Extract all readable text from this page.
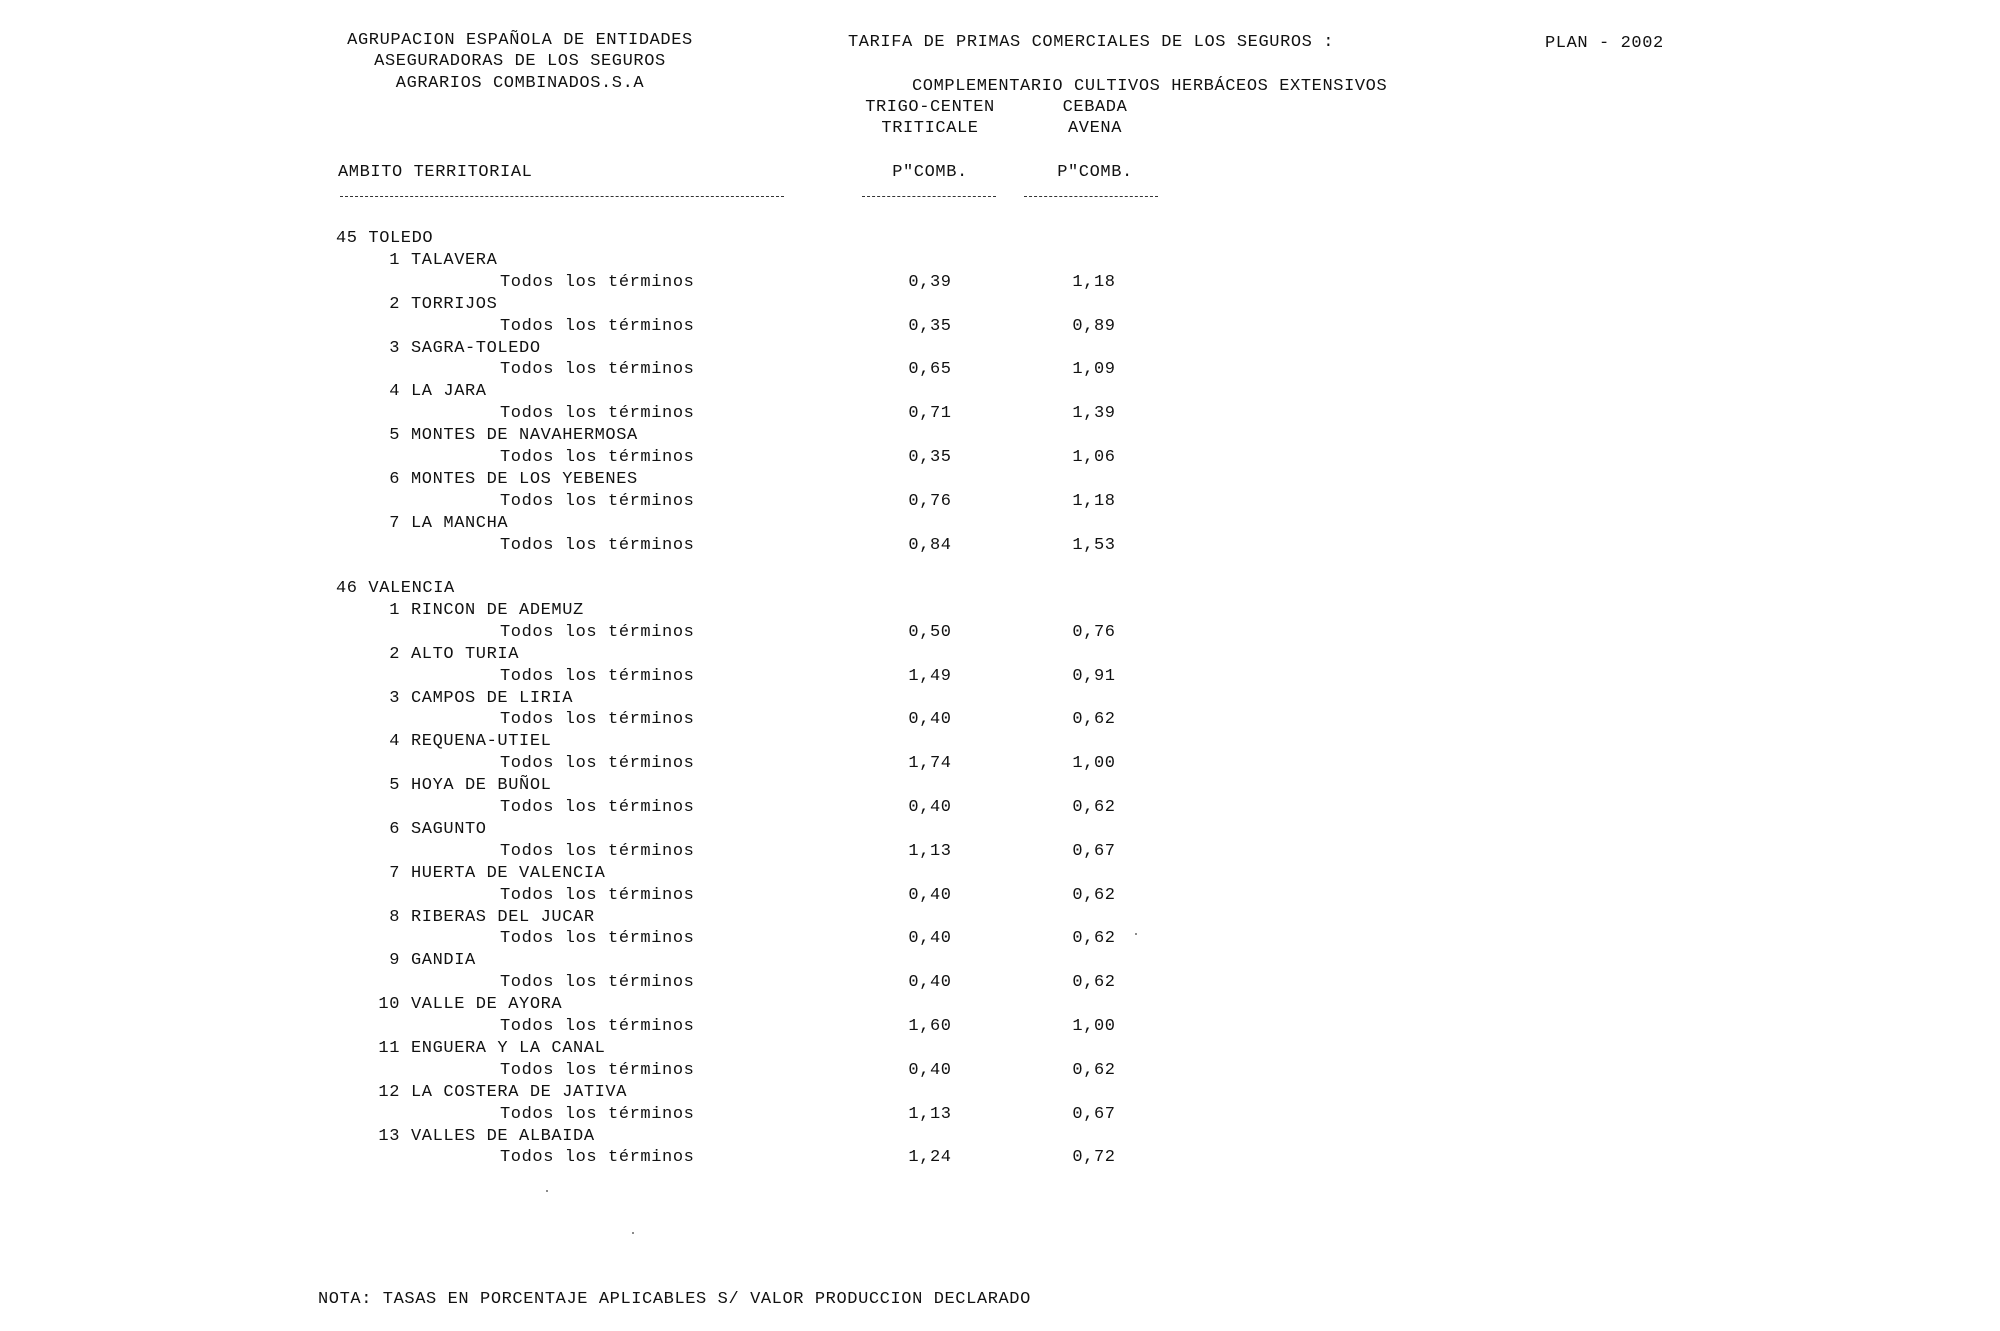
AGRUPACION ESPAÑOLA DE ENTIDADES
ASEGURADORAS DE LOS SEGUROS
AGRARIOS COMBINADOS.S.A
TARIFA DE PRIMAS COMERCIALES DE LOS SEGUROS :	PLAN - 2002
COMPLEMENTARIO CULTIVOS HERBÁCEOS EXTENSIVOS
TRIGO-CENTEN
TRITICALE
CEBADA
AVENA
AMBITO TERRITORIAL	P"COMB.	P"COMB.
45 TOLEDO
1 TALAVERA
Todos los términos	0,39	1,18
2 TORRIJOS
Todos los términos	0,35	0,89
3 SAGRA-TOLEDO
Todos los términos	0,65	1,09
4 LA JARA
Todos los términos	0,71	1,39
5 MONTES DE NAVAHERMOSA
Todos los términos	0,35	1,06
6 MONTES DE LOS YEBENES
Todos los términos	0,76	1,18
7 LA MANCHA
Todos los términos	0,84	1,53
46 VALENCIA
1 RINCON DE ADEMUZ
Todos los términos	0,50	0,76
2 ALTO TURIA
Todos los términos	1,49	0,91
3 CAMPOS DE LIRIA
Todos los términos	0,40	0,62
4 REQUENA-UTIEL
Todos los términos	1,74	1,00
5 HOYA DE BUÑOL
Todos los términos	0,40	0,62
6 SAGUNTO
Todos los términos	1,13	0,67
7 HUERTA DE VALENCIA
Todos los términos	0,40	0,62
8 RIBERAS DEL JUCAR
Todos los términos	0,40	0,62
9 GANDIA
Todos los términos	0,40	0,62
10 VALLE DE AYORA
Todos los términos	1,60	1,00
11 ENGUERA Y LA CANAL
Todos los términos	0,40	0,62
12 LA COSTERA DE JATIVA
Todos los términos	1,13	0,67
13 VALLES DE ALBAIDA
Todos los términos	1,24	0,72
NOTA: TASAS EN PORCENTAJE APLICABLES S/ VALOR PRODUCCION DECLARADO
